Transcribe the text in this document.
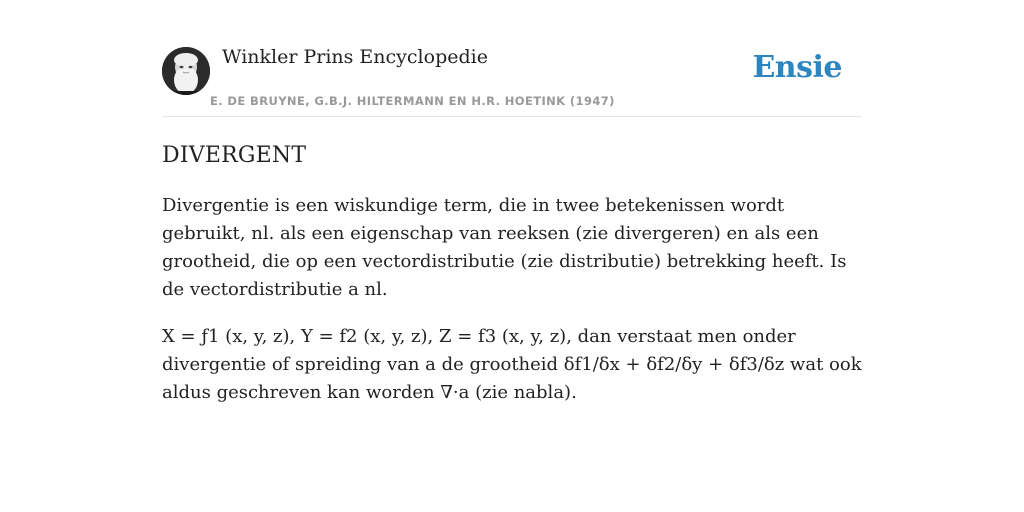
Winkler Prins Encyclopedie
E. DE BRUYNE, G.B.J. HILTERMANN EN H.R. HOETINK (1947)
Ensie
DIVERGENT

Divergentie is een wiskundige term, die in twee betekenissen wordt gebruikt, nl. als een eigenschap van reeksen (zie divergeren) en als een grootheid, die op een vectordistributie (zie distributie) betrekking heeft. Is de vectordistributie a nl.

X = ƒ1 (x, y, z), Y = f2 (x, y, z), Z = f3 (x, y, z), dan verstaat men onder divergentie of spreiding van a de grootheid δf1/δx + δf2/δy + δf3/δz wat ook aldus geschreven kan worden ∇·a (zie nabla).
